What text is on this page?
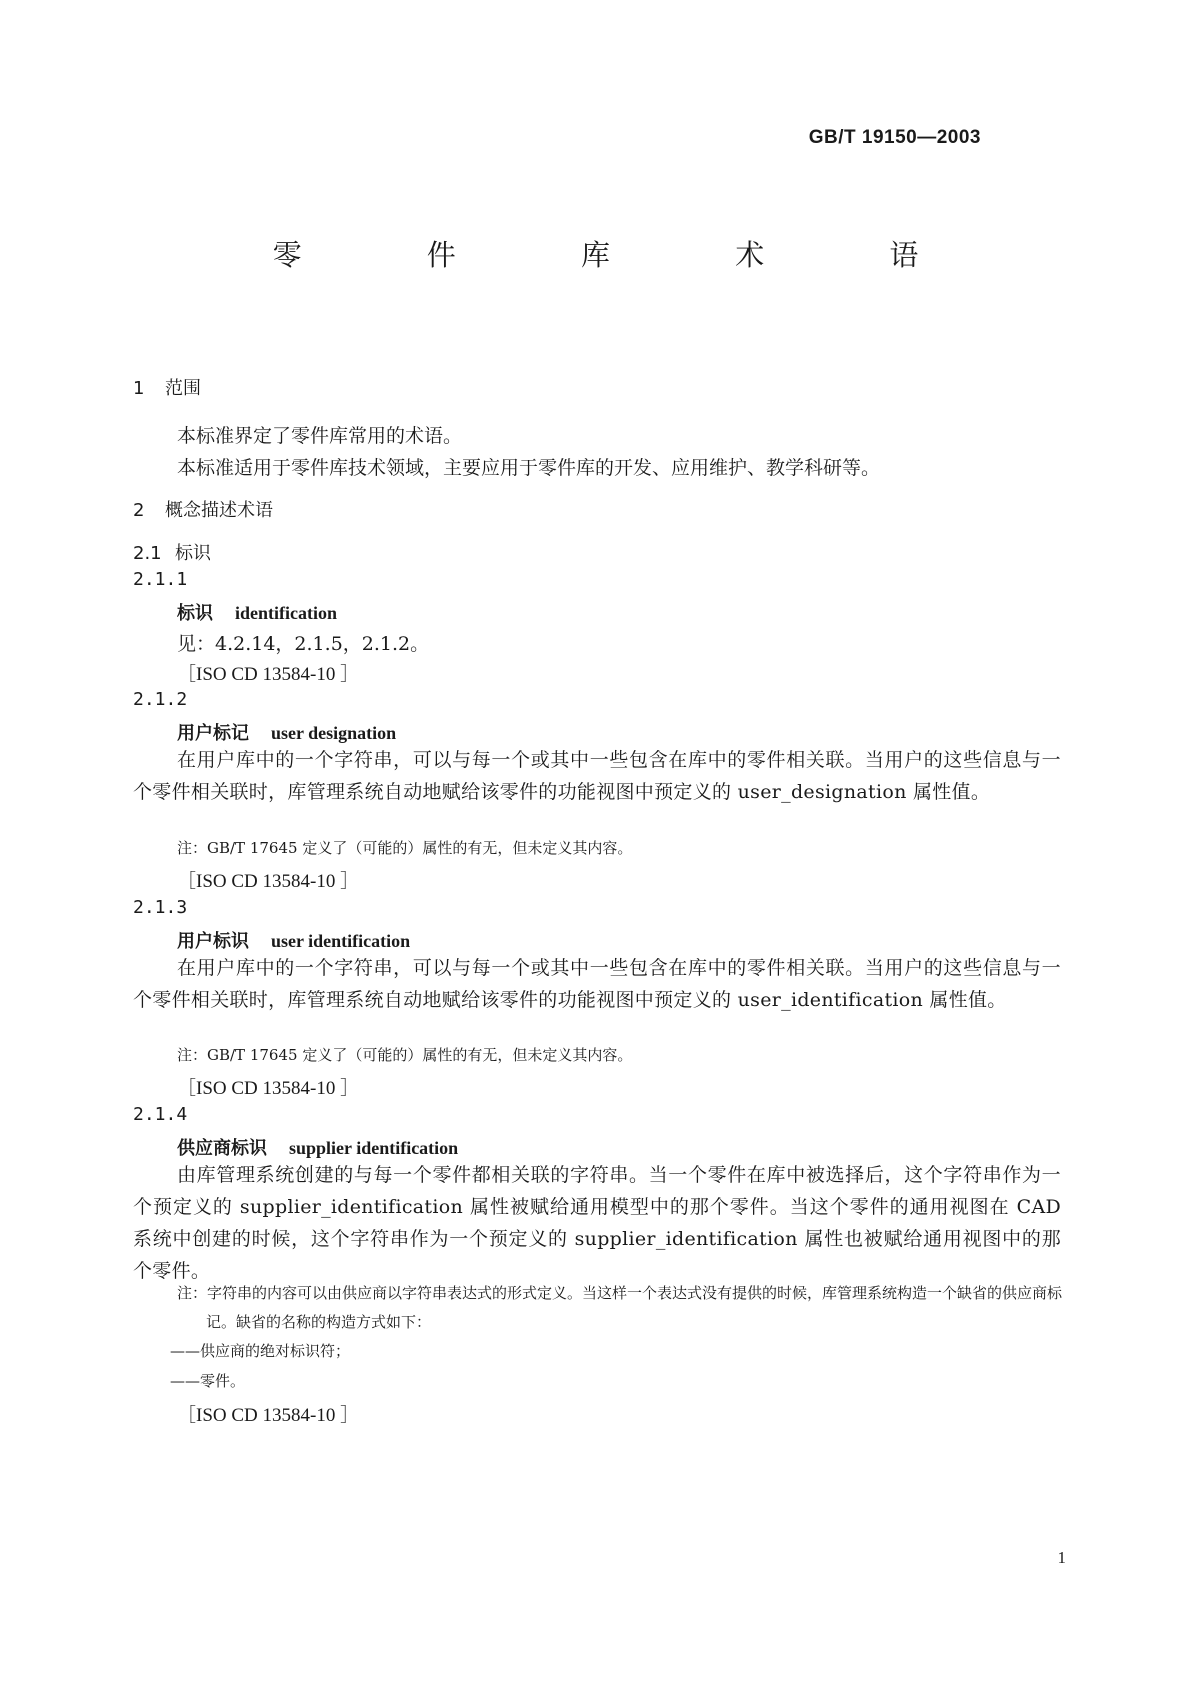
GB/T 19150—2003
零 件 库 术 语
1 范围
本标准界定了零件库常用的术语。
本标准适用于零件库技术领域，主要应用于零件库的开发、应用维护、教学科研等。
2 概念描述术语
2.1 标识
2.1.1
标识 identification
见：4.2.14，2.1.5，2.1.2。
［ISO CD 13584-10 ］
2.1.2
用户标记 user designation
在用户库中的一个字符串，可以与每一个或其中一些包含在库中的零件相关联。当用户的这些信息与一个零件相关联时，库管理系统自动地赋给该零件的功能视图中预定义的 user_designation 属性值。
注：GB/T 17645 定义了（可能的）属性的有无，但未定义其内容。
［ISO CD 13584-10 ］
2.1.3
用户标识 user identification
在用户库中的一个字符串，可以与每一个或其中一些包含在库中的零件相关联。当用户的这些信息与一个零件相关联时，库管理系统自动地赋给该零件的功能视图中预定义的 user_identification 属性值。
注：GB/T 17645 定义了（可能的）属性的有无，但未定义其内容。
［ISO CD 13584-10 ］
2.1.4
供应商标识 supplier identification
由库管理系统创建的与每一个零件都相关联的字符串。当一个零件在库中被选择后，这个字符串作为一个预定义的 supplier_identification 属性被赋给通用模型中的那个零件。当这个零件的通用视图在 CAD 系统中创建的时候，这个字符串作为一个预定义的 supplier_identification 属性也被赋给通用视图中的那个零件。
注：字符串的内容可以由供应商以字符串表达式的形式定义。当这样一个表达式没有提供的时候，库管理系统构造一个缺省的供应商标记。缺省的名称的构造方式如下：
——供应商的绝对标识符；
——零件。
［ISO CD 13584-10 ］
1
